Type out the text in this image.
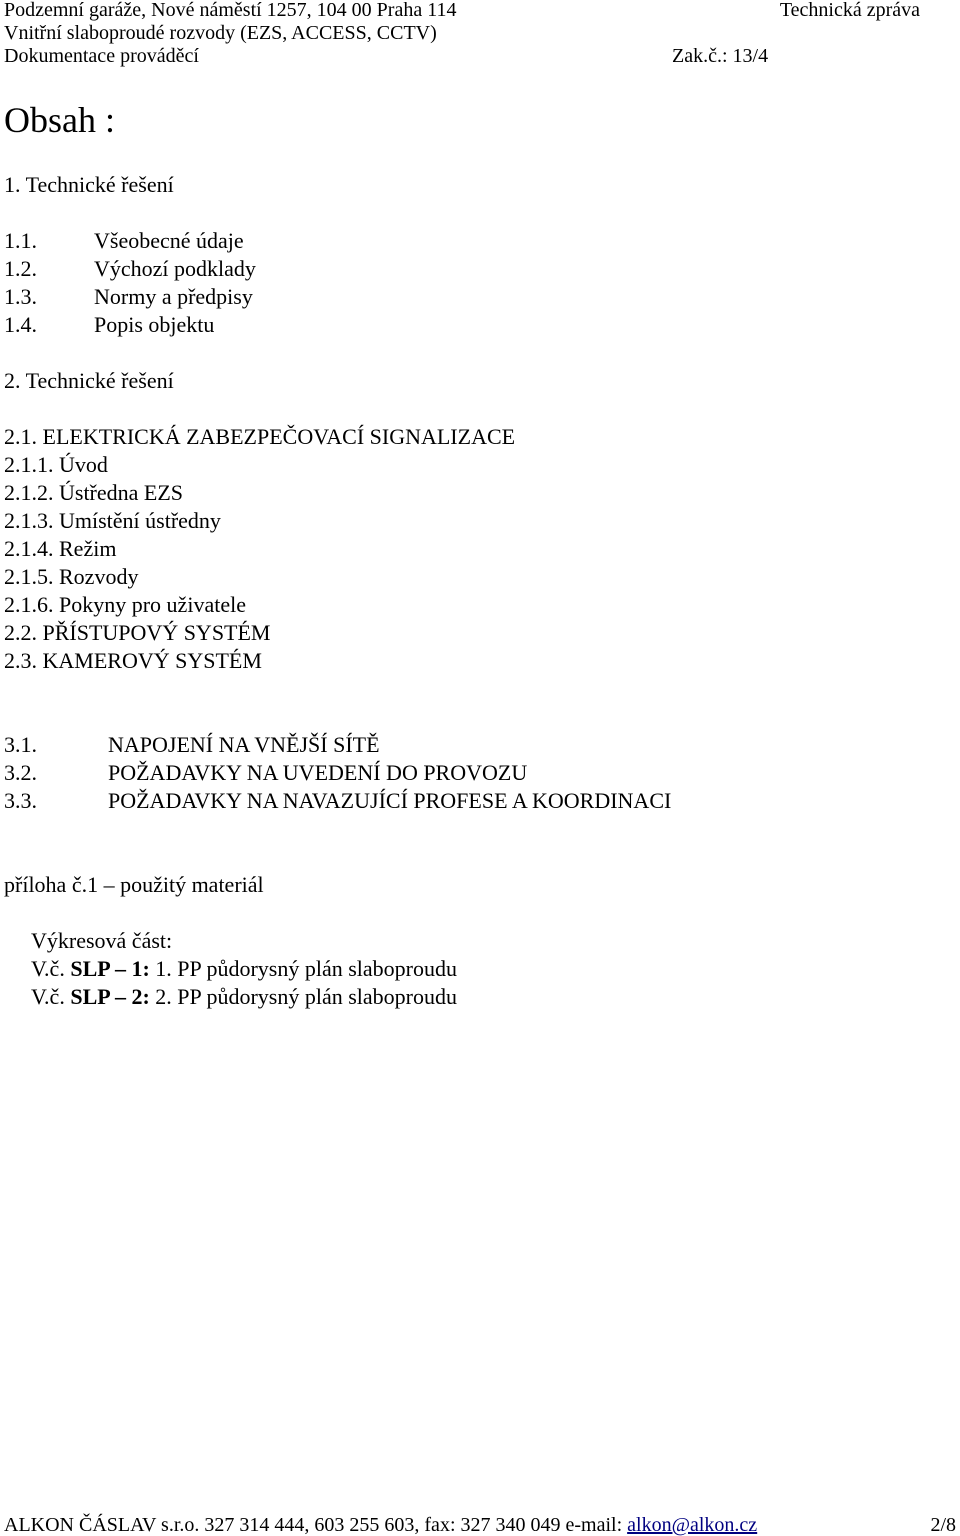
Podzemní garáže, Nové náměstí 1257, 104 00 Praha 114	Technická zpráva
Vnitřní slaboproudé rozvody (EZS, ACCESS, CCTV)
Dokumentace prováděcí	Zak.č.: 13/4
Obsah :
1. Technické řešení
1.1.	Všeobecné údaje
1.2.	Výchozí podklady
1.3.	Normy a předpisy
1.4.	Popis objektu
2. Technické řešení
2.1. ELEKTRICKÁ ZABEZPEČOVACÍ SIGNALIZACE
2.1.1. Úvod
2.1.2. Ústředna EZS
2.1.3. Umístění ústředny
2.1.4. Režim
2.1.5. Rozvody
2.1.6. Pokyny pro uživatele
2.2. PŘÍSTUPOVÝ SYSTÉM
2.3. KAMEROVÝ SYSTÉM
3.1.	NAPOJENÍ NA VNĚJŠÍ SÍTĚ
3.2.	POŽADAVKY NA UVEDENÍ DO PROVOZU
3.3.	POŽADAVKY NA NAVAZUJÍCÍ PROFESE A KOORDINACI
příloha č.1 – použitý materiál
Výkresová část:
V.č. SLP – 1: 1. PP půdorysný plán slaboproudu
V.č. SLP – 2: 2. PP půdorysný plán slaboproudu
ALKON ČÁSLAV s.r.o. 327 314 444, 603 255 603, fax: 327 340 049 e-mail: alkon@alkon.cz	2/8
